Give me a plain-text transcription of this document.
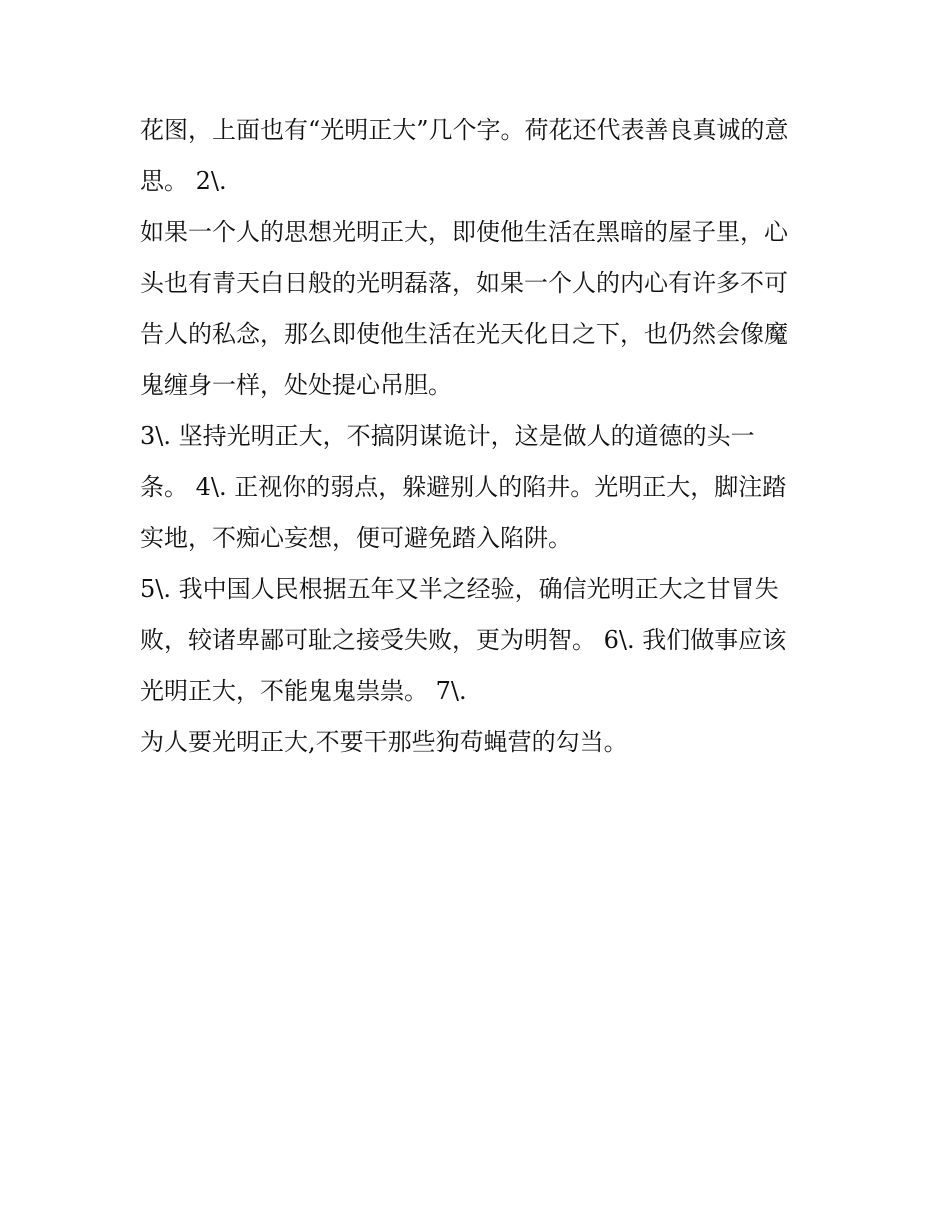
花图，上面也有“光明正大”几个字。荷花还代表善良真诚的意
思。 2\.
如果一个人的思想光明正大，即使他生活在黑暗的屋子里，心
头也有青天白日般的光明磊落，如果一个人的内心有许多不可
告人的私念，那么即使他生活在光天化日之下，也仍然会像魔
鬼缠身一样，处处提心吊胆。
3\. 坚持光明正大，不搞阴谋诡计，这是做人的道德的头一
条。 4\. 正视你的弱点，躲避别人的陷井。光明正大，脚注踏
实地，不痴心妄想，便可避免踏入陷阱。
5\. 我中国人民根据五年又半之经验，确信光明正大之甘冒失
败，较诸卑鄙可耻之接受失败，更为明智。 6\. 我们做事应该
光明正大，不能鬼鬼祟祟。 7\.
为人要光明正大,不要干那些狗苟蝇营的勾当。
